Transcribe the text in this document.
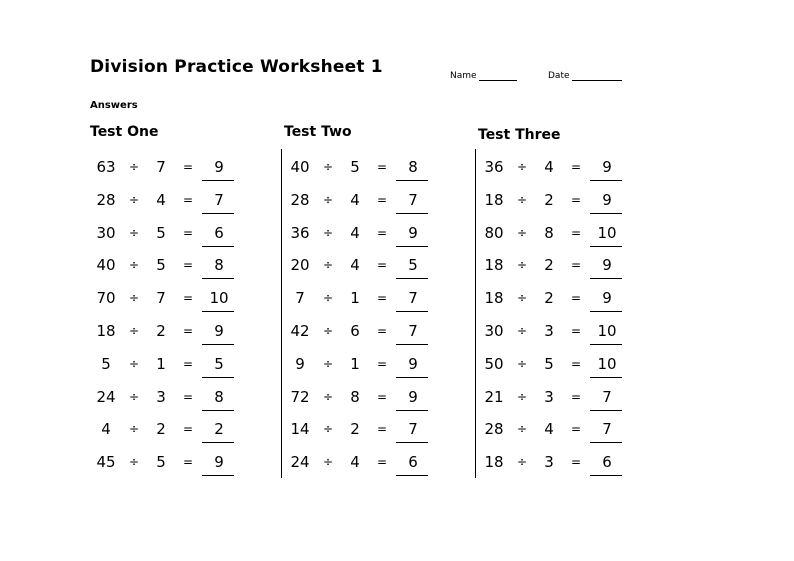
Division Practice Worksheet 1	Name	Date
Answers
Test One	Test Two	Test Three
63	÷	7	=	9
28	÷	4	=	7
30	÷	5	=	6
40	÷	5	=	8
70	÷	7	=	10
18	÷	2	=	9
5	÷	1	=	5
24	÷	3	=	8
4	÷	2	=	2
45	÷	5	=	9
40	÷	5	=	8
28	÷	4	=	7
36	÷	4	=	9
20	÷	4	=	5
7	÷	1	=	7
42	÷	6	=	7
9	÷	1	=	9
72	÷	8	=	9
14	÷	2	=	7
24	÷	4	=	6
36	÷	4	=	9
18	÷	2	=	9
80	÷	8	=	10
18	÷	2	=	9
18	÷	2	=	9
30	÷	3	=	10
50	÷	5	=	10
21	÷	3	=	7
28	÷	4	=	7
18	÷	3	=	6
